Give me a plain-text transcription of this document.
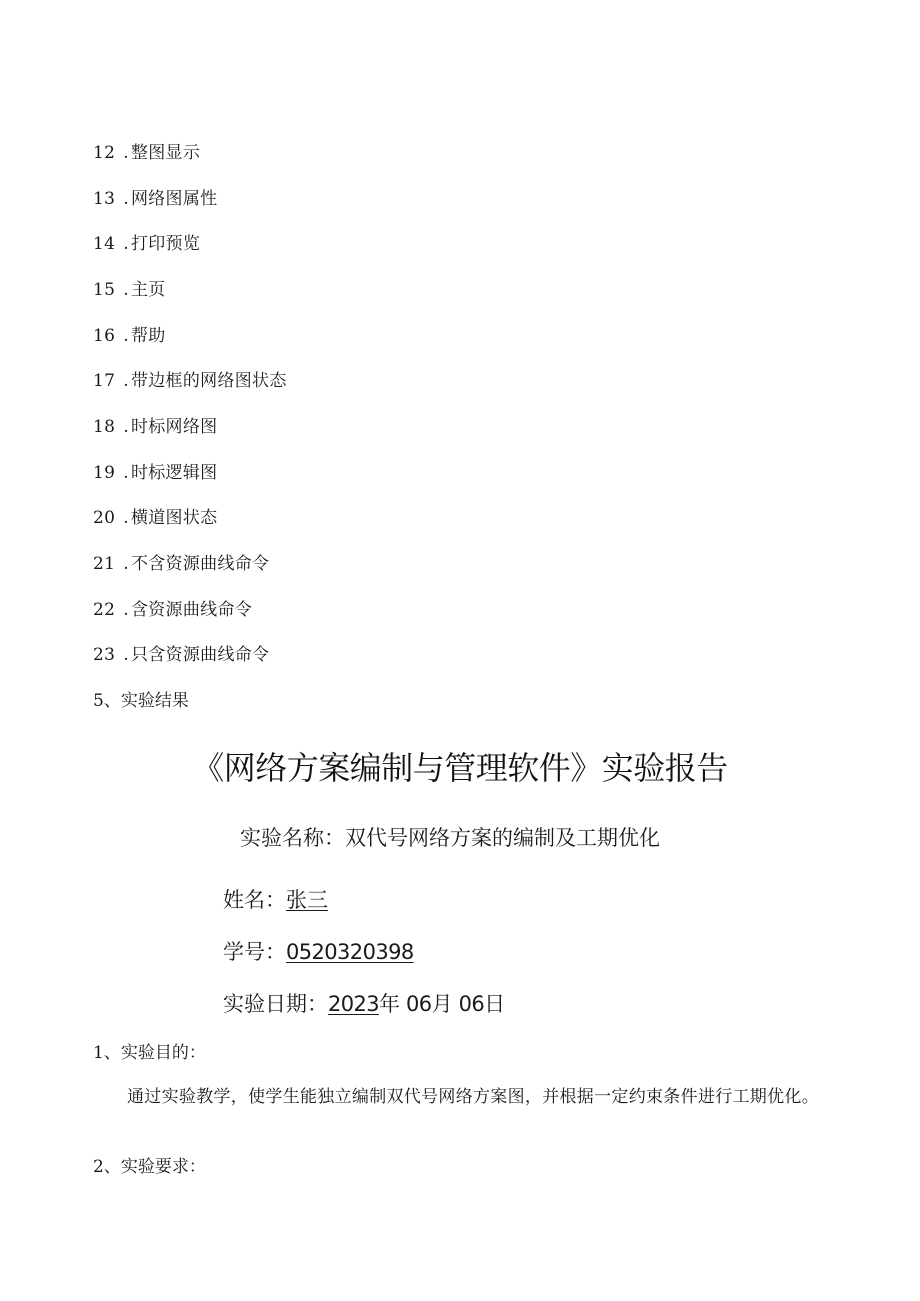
12 . 整图显示
13 . 网络图属性
14 . 打印预览
15 . 主页
16 . 帮助
17 . 带边框的网络图状态
18 . 时标网络图
19 . 时标逻辑图
20 . 横道图状态
21 . 不含资源曲线命令
22 . 含资源曲线命令
23 . 只含资源曲线命令
5、实验结果
《网络方案编制与管理软件》实验报告
实验名称：双代号网络方案的编制及工期优化
姓名：张三
学号：0520320398
实验日期：2023年 06月 06日
1、实验目的：
通过实验教学，使学生能独立编制双代号网络方案图，并根据一定约束条件进行工期优化。
2、实验要求：
